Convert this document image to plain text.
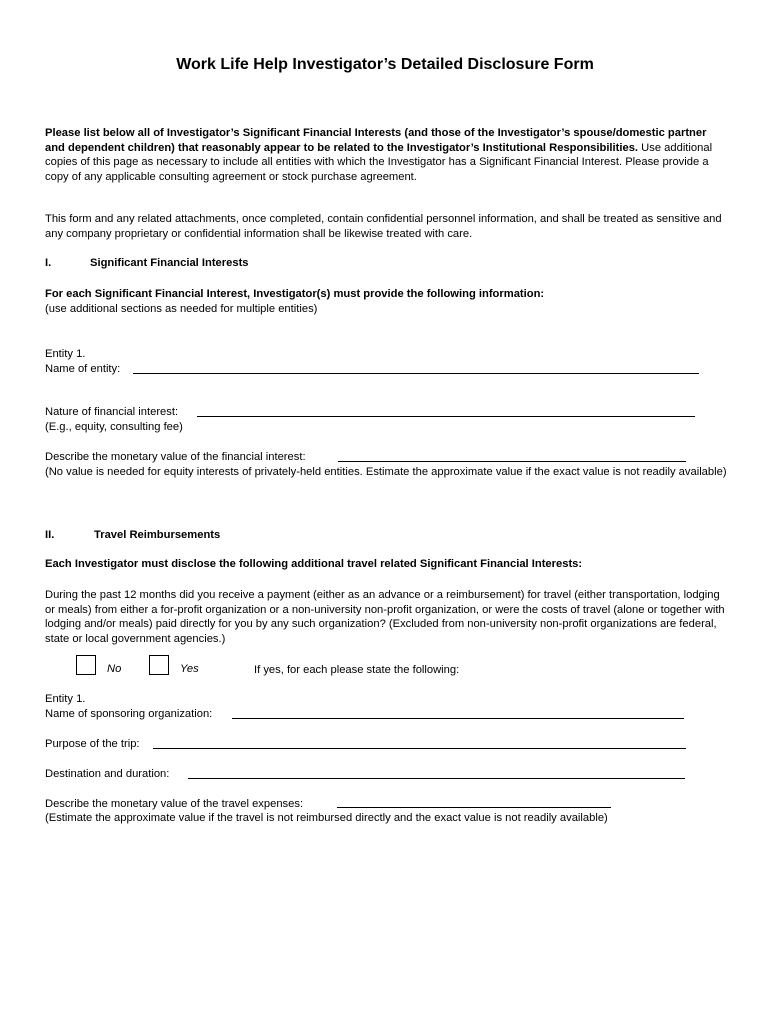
Work Life Help Investigator’s Detailed Disclosure Form
Please list below all of Investigator’s Significant Financial Interests (and those of the Investigator’s spouse/domestic partner and dependent children) that reasonably appear to be related to the Investigator’s Institutional Responsibilities. Use additional copies of this page as necessary to include all entities with which the Investigator has a Significant Financial Interest. Please provide a copy of any applicable consulting agreement or stock purchase agreement.
This form and any related attachments, once completed, contain confidential personnel information, and shall be treated as sensitive and any company proprietary or confidential information shall be likewise treated with care.
I.	Significant Financial Interests
For each Significant Financial Interest, Investigator(s) must provide the following information:
(use additional sections as needed for multiple entities)
Entity 1.
Name of entity:
Nature of financial interest:
(E.g., equity, consulting fee)
Describe the monetary value of the financial interest:
(No value is needed for equity interests of privately-held entities. Estimate the approximate value if the exact value is not readily available)
II.	Travel Reimbursements
Each Investigator must disclose the following additional travel related Significant Financial Interests:
During the past 12 months did you receive a payment (either as an advance or a reimbursement) for travel (either transportation, lodging or meals) from either a for-profit organization or a non-university non-profit organization, or were the costs of travel (alone or together with lodging and/or meals) paid directly for you by any such organization? (Excluded from non-university non-profit organizations are federal, state or local government agencies.)
No	Yes	If yes, for each please state the following:
Entity 1.
Name of sponsoring organization:
Purpose of the trip:
Destination and duration:
Describe the monetary value of the travel expenses:
(Estimate the approximate value if the travel is not reimbursed directly and the exact value is not readily available)
